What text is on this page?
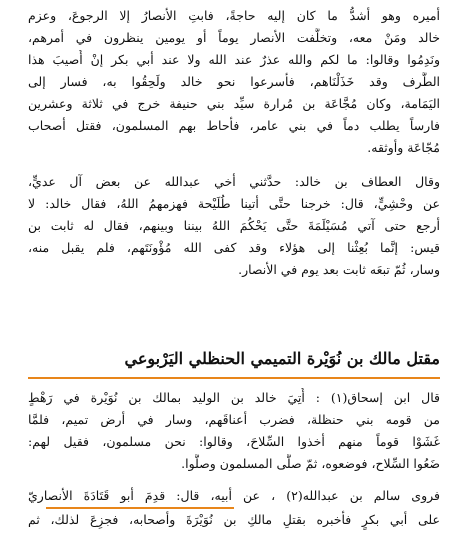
أميره وهو أشدُّ ما كان إليه حاجةً، فابتِ الأنصارُ إلا الرجوعَ، وعزم
خالد ومَنْ معه، وتخلَّفت الأنصار يوماً أو يومين ينظرون في أمرهم،
ونَدِمُوا وقالوا: ما لكم والله عذرٌ عند الله ولا عند أبي بكر إنْ أُصيبَ هذا
الطَّرف وقد خَذَلْنَاهم، فأسرعوا نحو خالد ولَحِقُوا به، فسار إلى
اليَمَامة، وكان مُجَّاعَة بن مُرارة سيِّد بني حنيفة خرج في ثلاثة وعشرين
فارساً يطلب دماً في بني عامر، فأحاط بهم المسلمون، فقتل أصحاب
مُجّاعَة وأوثقه.
وقال العطاف بن خالد: حدَّثني أخي عبدالله عن بعض آل عديٍّ،
عن وحْشِيٍّ، قال: خرجنا حتَّى أتينا طُلَيْحة فهزمهمُ اللهُ، فقال خالد: لا
أرجع حتى آتي مُسَيْلَمَةَ حتَّى يَحْكُمَ اللهُ بيننا وبينهم، فقال له ثابت بن
قيس: إنَّما بُعِثْنا إلى هؤلاء وقد كفى الله مُؤْونَتَهم، فلم يقبل منه،
وسار، ثُمّ تبعَه ثابت بعد يوم في الأنصار.
مقتل مالك بن نُوَيْرة التميمي الحنظلي اليَرْبوعي
قال ابن إسحاق(١) : أُتِيَ خالد بن الوليد بمالك بن نُوَيْرة في رَهْطٍ
من قومه بني حنظلة، فضرب أعناقَهم، وسار في أرض تميم، فلمَّا
غَشَوْا قوماً منهم أخذوا السِّلاحَ، وقالوا: نحن مسلمون، فقيل لهم:
ضَعُوا السِّلاح، فوضعوه، ثمّ صلَّى المسلمون وصلَّوا.
فروى سالم بن عبدالله(٢) ، عن أبيه، قال: قدِمَ أبو قَتَادَةَ الأنصاريّ
على أبي بكرٍ فأخبره بقتلِ مالكِ بن نُوَيْرَةَ وأصحابه، فجزِعَ لذلك، ثم
